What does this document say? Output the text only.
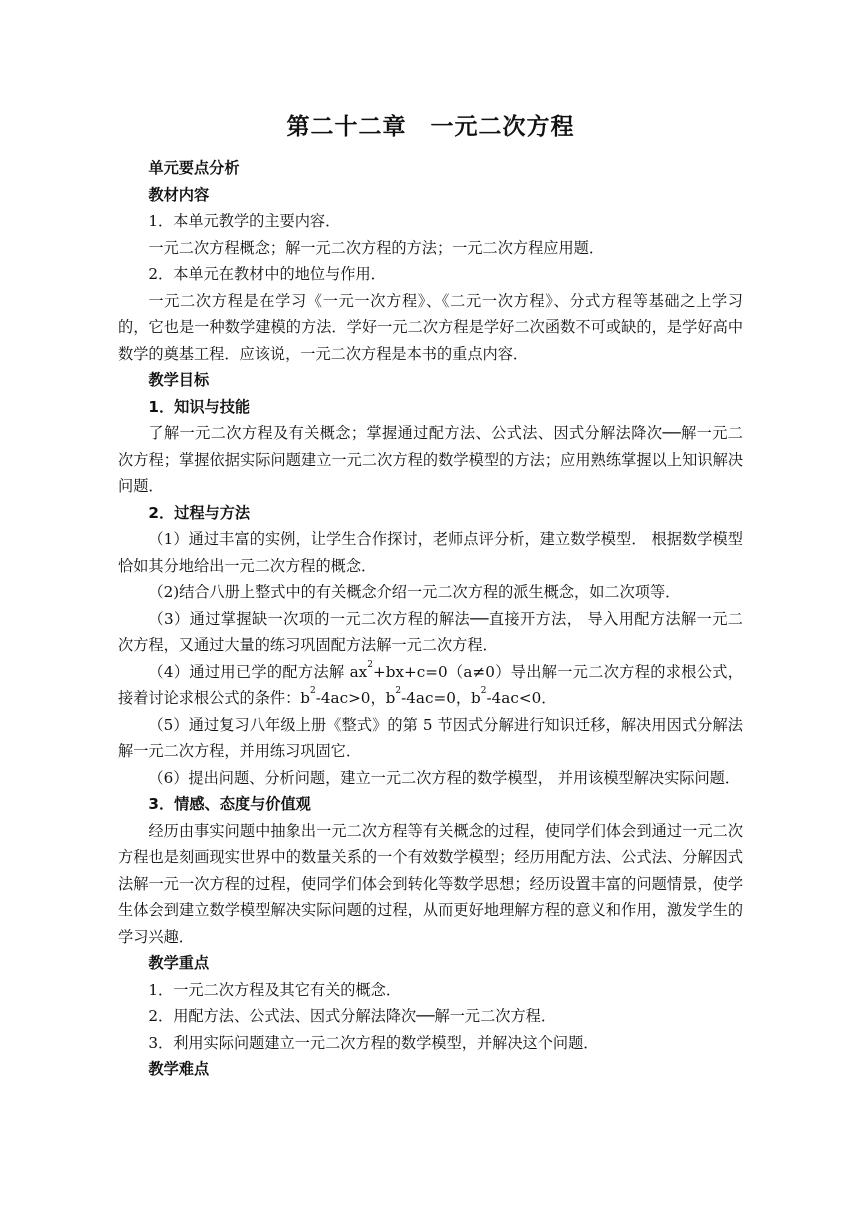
第二十二章　一元二次方程
单元要点分析
教材内容
1．本单元教学的主要内容．
一元二次方程概念；解一元二次方程的方法；一元二次方程应用题．
2．本单元在教材中的地位与作用．
一元二次方程是在学习《一元一次方程》、《二元一次方程》、分式方程等基础之上学习的，它也是一种数学建模的方法．学好一元二次方程是学好二次函数不可或缺的，是学好高中数学的奠基工程．应该说，一元二次方程是本书的重点内容．
教学目标
1．知识与技能
了解一元二次方程及有关概念；掌握通过配方法、公式法、因式分解法降次──解一元二次方程；掌握依据实际问题建立一元二次方程的数学模型的方法；应用熟练掌握以上知识解决问题．
2．过程与方法
（1）通过丰富的实例，让学生合作探讨，老师点评分析，建立数学模型． 根据数学模型恰如其分地给出一元二次方程的概念．
（2)结合八册上整式中的有关概念介绍一元二次方程的派生概念，如二次项等．
（3）通过掌握缺一次项的一元二次方程的解法──直接开方法， 导入用配方法解一元二次方程，又通过大量的练习巩固配方法解一元二次方程．
（4）通过用已学的配方法解 $ax^2+bx+c=0(a\ne 0)$导出解一元二次方程的求根公式，接着讨论求根公式的条件：$b^2-4ac>0$，$b^2-4ac=0$，$b^2-4ac<0$．
（5）通过复习八年级上册《整式》的第 5 节因式分解进行知识迁移，解决用因式分解法解一元二次方程，并用练习巩固它．
（6）提出问题、分析问题，建立一元二次方程的数学模型， 并用该模型解决实际问题．
3．情感、态度与价值观
经历由事实问题中抽象出一元二次方程等有关概念的过程，使同学们体会到通过一元二次方程也是刻画现实世界中的数量关系的一个有效数学模型；经历用配方法、公式法、分解因式法解一元一次方程的过程，使同学们体会到转化等数学思想；经历设置丰富的问题情景，使学生体会到建立数学模型解决实际问题的过程，从而更好地理解方程的意义和作用，激发学生的学习兴趣．
教学重点
1．一元二次方程及其它有关的概念．
2．用配方法、公式法、因式分解法降次──解一元二次方程．
3．利用实际问题建立一元二次方程的数学模型，并解决这个问题．
教学难点
